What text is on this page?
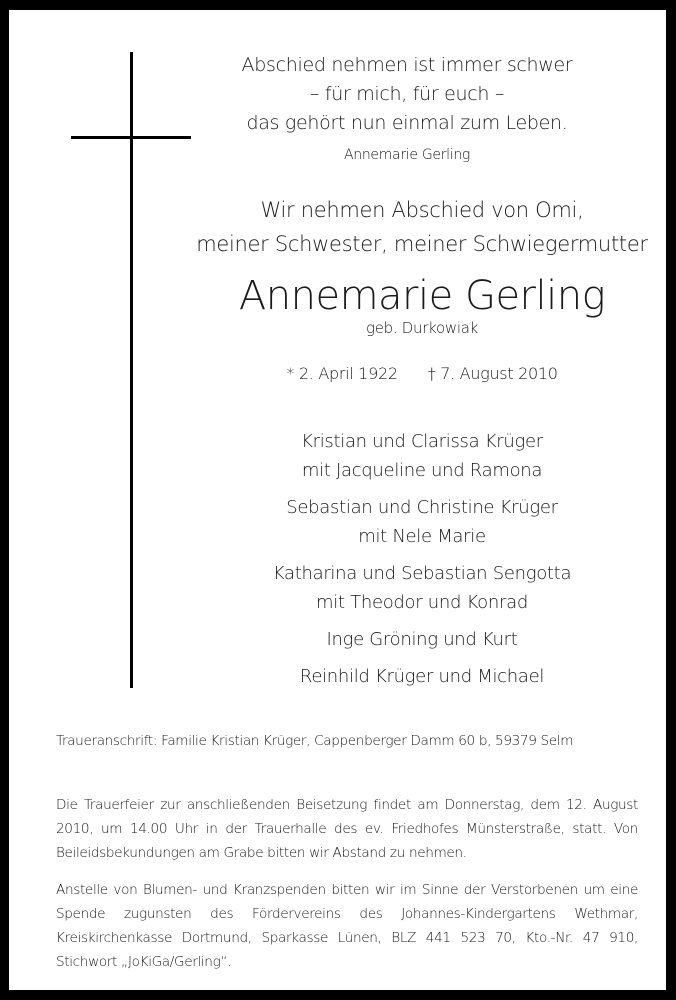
Abschied nehmen ist immer schwer
– für mich, für euch –
das gehört nun einmal zum Leben.
Annemarie Gerling
Wir nehmen Abschied von Omi,
meiner Schwester, meiner Schwiegermutter
Annemarie Gerling
geb. Durkowiak
* 2. April 1922 † 7. August 2010
Kristian und Clarissa Krüger
mit Jacqueline und Ramona
Sebastian und Christine Krüger
mit Nele Marie
Katharina und Sebastian Sengotta
mit Theodor und Konrad
Inge Gröning und Kurt
Reinhild Krüger und Michael
Traueranschrift: Familie Kristian Krüger, Cappenberger Damm 60 b, 59379 Selm
Die Trauerfeier zur anschließenden Beisetzung findet am Donnerstag, dem 12. August 2010, um 14.00 Uhr in der Trauerhalle des ev. Friedhofes Münsterstraße, statt. Von Beileidsbekundungen am Grabe bitten wir Abstand zu nehmen.
Anstelle von Blumen- und Kranzspenden bitten wir im Sinne der Verstorbenen um eine Spende zugunsten des Fördervereins des Johannes-Kindergartens Wethmar, Kreiskirchenkasse Dortmund, Sparkasse Lünen, BLZ 441 523 70, Kto.-Nr. 47 910, Stichwort „JoKiGa/Gerling“.
